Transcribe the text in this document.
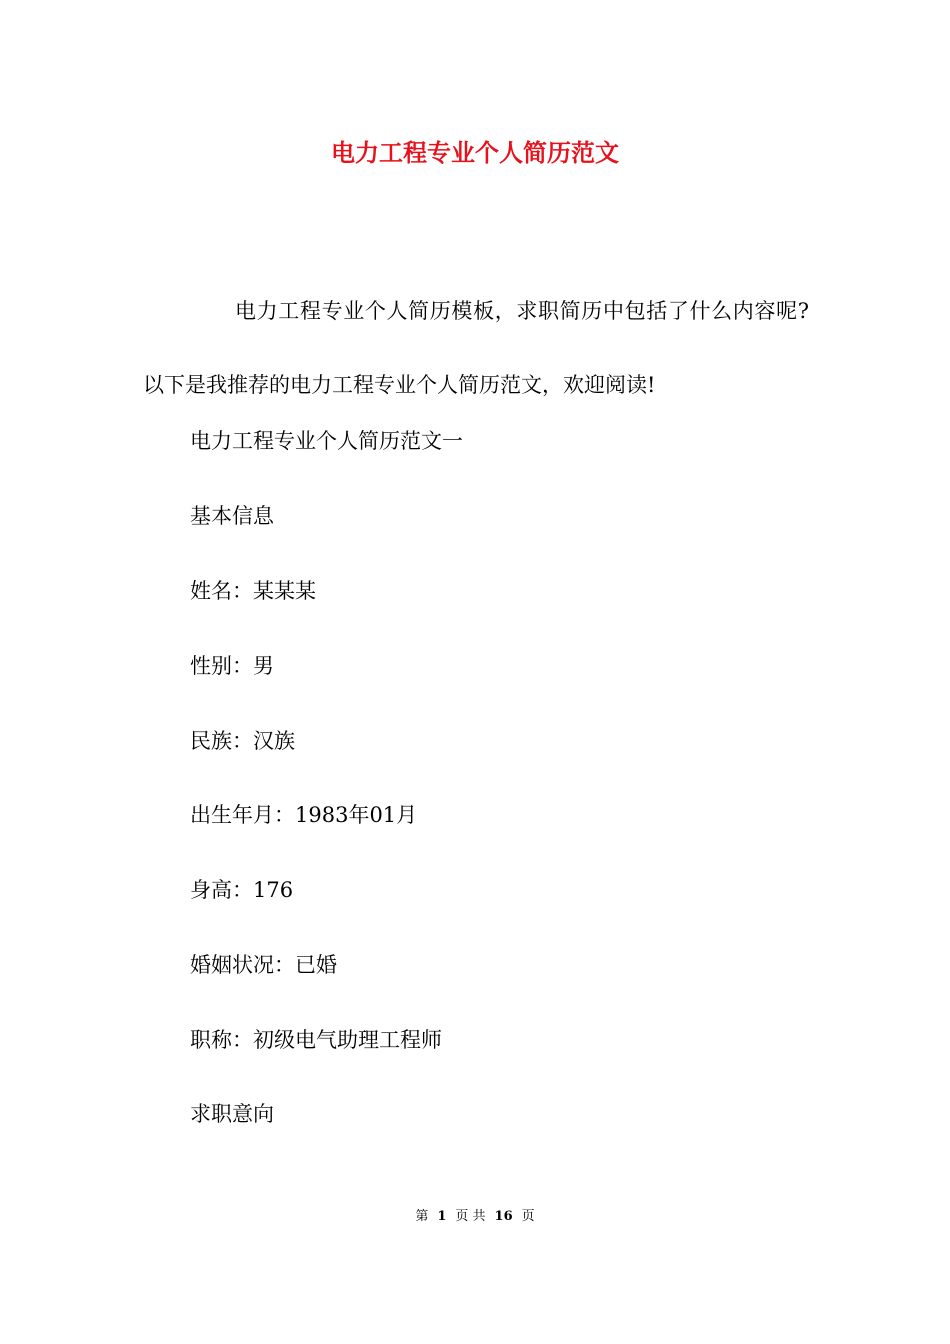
电力工程专业个人简历范文
电力工程专业个人简历模板，求职简历中包括了什么内容呢?以下是我推荐的电力工程专业个人简历范文，欢迎阅读!
电力工程专业个人简历范文一
基本信息
姓名：某某某
性别：男
民族：汉族
出生年月：1983年01月
身高：176
婚姻状况：已婚
职称：初级电气助理工程师
求职意向
第 1 页 共 16 页
